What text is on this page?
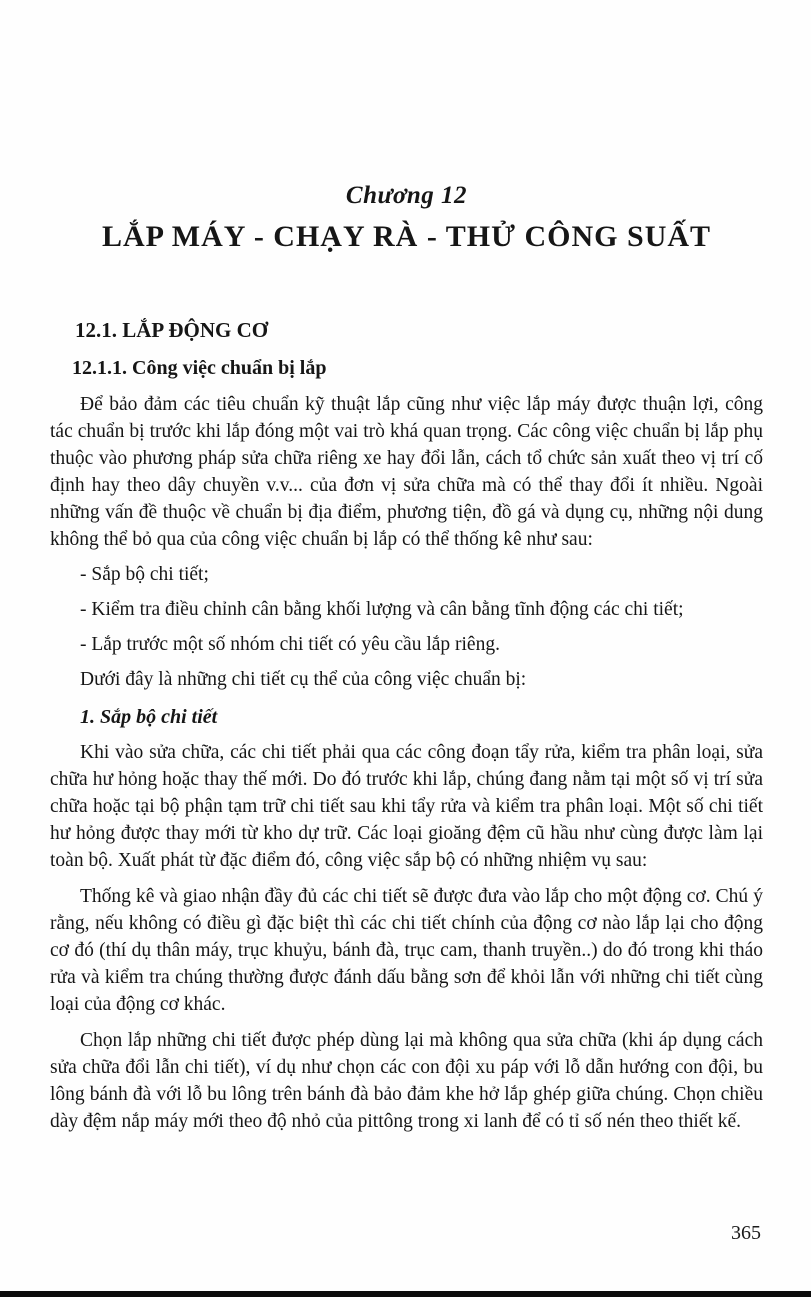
Chương 12
LẮP MÁY - CHẠY RÀ - THỬ CÔNG SUẤT
12.1. LẮP ĐỘNG CƠ
12.1.1. Công việc chuẩn bị lắp

Để bảo đảm các tiêu chuẩn kỹ thuật lắp cũng như việc lắp máy được thuận lợi, công tác chuẩn bị trước khi lắp đóng một vai trò khá quan trọng. Các công việc chuẩn bị lắp phụ thuộc vào phương pháp sửa chữa riêng xe hay đổi lẫn, cách tổ chức sản xuất theo vị trí cố định hay theo dây chuyền v.v... của đơn vị sửa chữa mà có thể thay đổi ít nhiều. Ngoài những vấn đề thuộc về chuẩn bị địa điểm, phương tiện, đồ gá và dụng cụ, những nội dung không thể bỏ qua của công việc chuẩn bị lắp có thể thống kê như sau:

- Sắp bộ chi tiết;

- Kiểm tra điều chỉnh cân bằng khối lượng và cân bằng tĩnh động các chi tiết;

- Lắp trước một số nhóm chi tiết có yêu cầu lắp riêng.

Dưới đây là những chi tiết cụ thể của công việc chuẩn bị:

1. Sắp bộ chi tiết

Khi vào sửa chữa, các chi tiết phải qua các công đoạn tẩy rửa, kiểm tra phân loại, sửa chữa hư hỏng hoặc thay thế mới. Do đó trước khi lắp, chúng đang nằm tại một số vị trí sửa chữa hoặc tại bộ phận tạm trữ chi tiết sau khi tẩy rửa và kiểm tra phân loại. Một số chi tiết hư hỏng được thay mới từ kho dự trữ. Các loại gioăng đệm cũ hầu như cùng được làm lại toàn bộ. Xuất phát từ đặc điểm đó, công việc sắp bộ có những nhiệm vụ sau:

Thống kê và giao nhận đầy đủ các chi tiết sẽ được đưa vào lắp cho một động cơ. Chú ý rằng, nếu không có điều gì đặc biệt thì các chi tiết chính của động cơ nào lắp lại cho động cơ đó (thí dụ thân máy, trục khuỷu, bánh đà, trục cam, thanh truyền..) do đó trong khi tháo rửa và kiểm tra chúng thường được đánh dấu bằng sơn để khỏi lẫn với những chi tiết cùng loại của động cơ khác.

Chọn lắp những chi tiết được phép dùng lại mà không qua sửa chữa (khi áp dụng cách sửa chữa đổi lẫn chi tiết), ví dụ như chọn các con đội xu páp với lỗ dẫn hướng con đội, bu lông bánh đà với lỗ bu lông trên bánh đà bảo đảm khe hở lắp ghép giữa chúng. Chọn chiều dày đệm nắp máy mới theo độ nhỏ của pittông trong xi lanh để có tỉ số nén theo thiết kế.

365
